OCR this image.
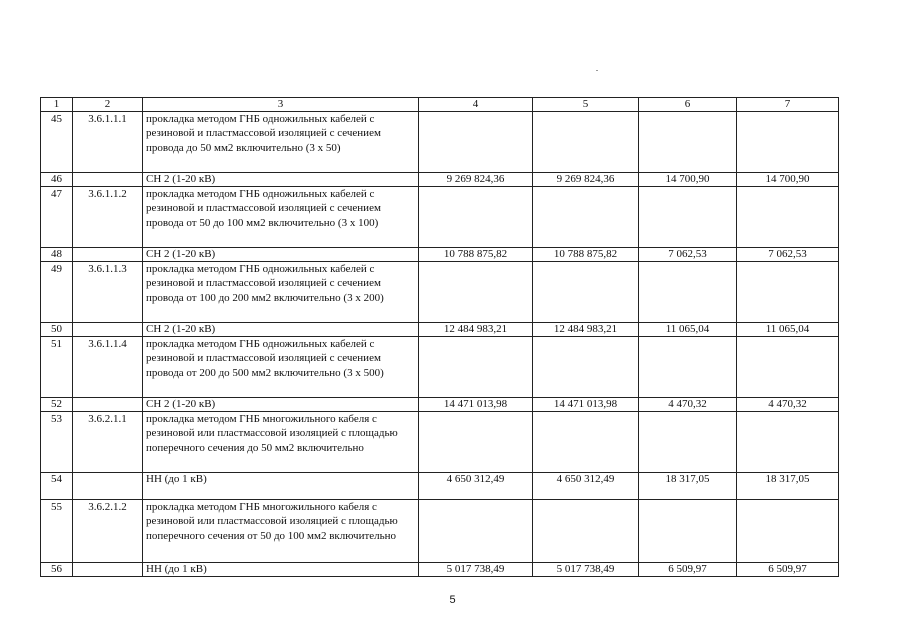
1	2	3	4	5	6	7
45	3.6.1.1.1	прокладка методом ГНБ одножильных кабелей с резиновой и пластмассовой изоляцией с сечением провода до 50 мм2 включительно (3 х 50)				
46		СН 2 (1-20 кВ)	9 269 824,36	9 269 824,36	14 700,90	14 700,90
47	3.6.1.1.2	прокладка методом ГНБ одножильных кабелей с резиновой и пластмассовой изоляцией с сечением провода от 50 до 100 мм2 включительно (3 х 100)				
48		СН 2 (1-20 кВ)	10 788 875,82	10 788 875,82	7 062,53	7 062,53
49	3.6.1.1.3	прокладка методом ГНБ одножильных кабелей с резиновой и пластмассовой изоляцией с сечением провода от 100 до 200 мм2 включительно (3 х 200)				
50		СН 2 (1-20 кВ)	12 484 983,21	12 484 983,21	11 065,04	11 065,04
51	3.6.1.1.4	прокладка методом ГНБ одножильных кабелей с резиновой и пластмассовой изоляцией с сечением провода от 200 до 500 мм2 включительно (3 х 500)				
52		СН 2 (1-20 кВ)	14 471 013,98	14 471 013,98	4 470,32	4 470,32
53	3.6.2.1.1	прокладка методом ГНБ многожильного кабеля с резиновой или пластмассовой изоляцией с площадью поперечного сечения до 50 мм2 включительно				
54		НН (до 1 кВ)	4 650 312,49	4 650 312,49	18 317,05	18 317,05
55	3.6.2.1.2	прокладка методом ГНБ многожильного кабеля с резиновой или пластмассовой изоляцией с площадью поперечного сечения от 50 до 100 мм2 включительно				
56		НН (до 1 кВ)	5 017 738,49	5 017 738,49	6 509,97	6 509,97
5
